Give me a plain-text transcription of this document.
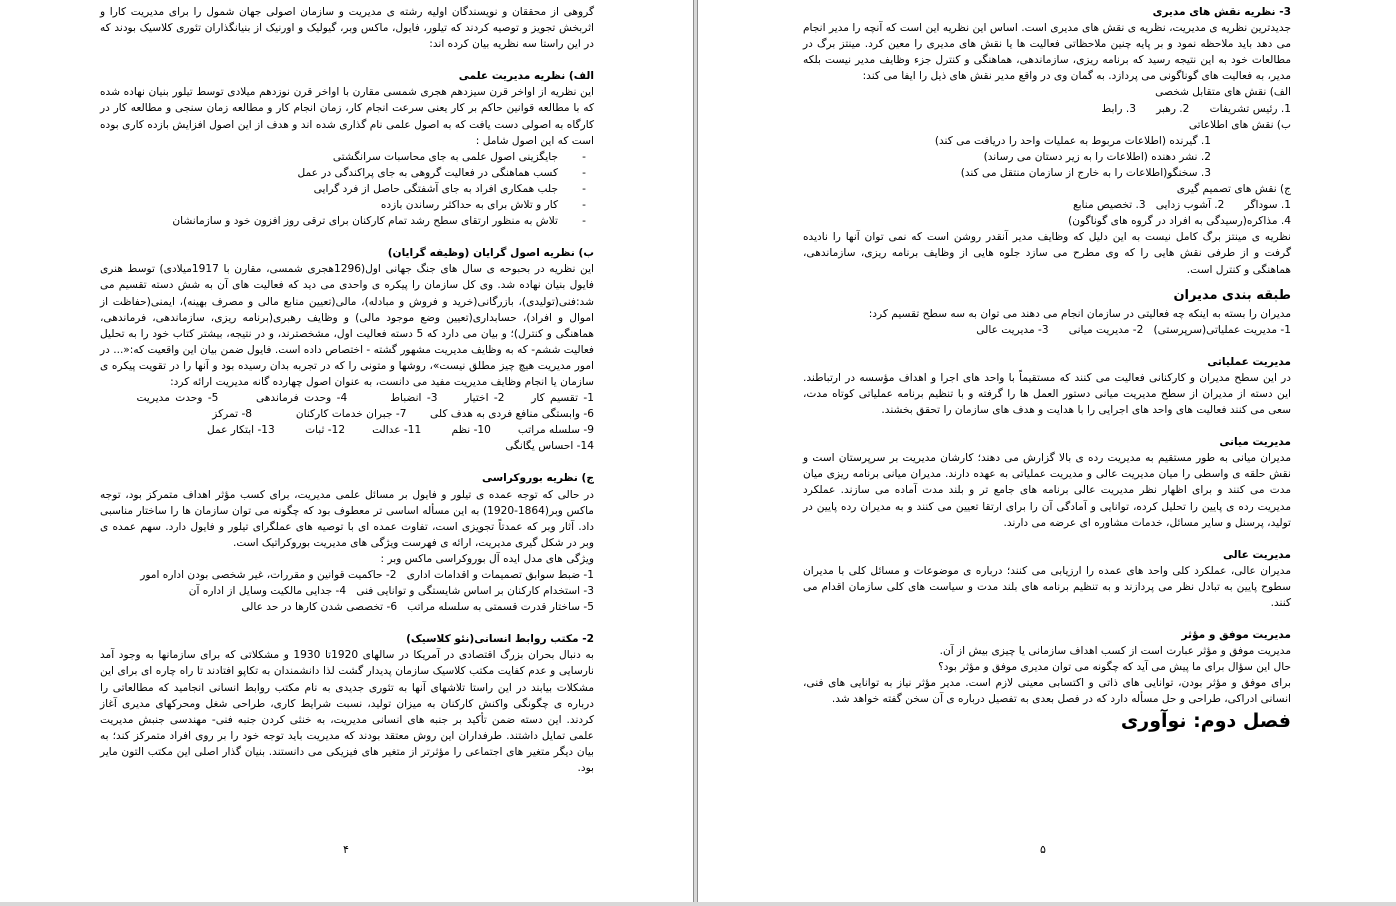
گروهی از محققان و نویسندگان اولیه رشته ی مدیریت و سازمان اصولی جهان شمول را برای مدیریت کارا و اثربخش تجویز و توصیه کردند که تیلور، فایول، ماکس وبر، گیولیک و اورنیک از بنیانگذاران تئوری کلاسیک بودند که در این راستا سه نظریه بیان کرده اند:

الف) نظریه مدیریت علمی

این نظریه از اواخر قرن سیزدهم هجری شمسی مقارن با اواخر قرن نوزدهم میلادی توسط تیلور بنیان نهاده شده که با مطالعه قوانین حاکم بر کار یعنی سرعت انجام کار، زمان انجام کار و مطالعه زمان سنجی و مطالعه کار در کارگاه به اصولی دست یافت که به اصول علمی نام گذاری شده اند و هدف از این اصول افزایش بازده کاری بوده است که این اصول شامل :

- جایگزینی اصول علمی به جای محاسبات سرانگشتی
- کسب هماهنگی در فعالیت گروهی به جای پراکندگی در عمل
- جلب همکاری افراد به جای آشفتگی حاصل از فرد گرایی
- کار و تلاش برای به حداکثر رساندن بازده
- تلاش به منظور ارتقای سطح رشد تمام کارکنان برای ترقی روز افزون خود و سازمانشان

ب) نظریه اصول گرایان (وظیفه گرایان)

این نظریه در بحبوحه ی سال های جنگ جهانی اول(1296هجری شمسی، مقارن با 1917میلادی) توسط هنری فایول بنیان نهاده شد. وی کل سازمان را پیکره ی واحدی می دید که فعالیت های آن به شش دسته تقسیم می شد:فنی(تولیدی)، بازرگانی(خرید و فروش و مبادله)، مالی(تعیین منابع مالی و مصرف بهینه)، ایمنی(حفاظت از اموال و افراد)، حسابداری(تعیین وضع موجود مالی) و وظایف رهبری(برنامه ریزی، سازماندهی، فرماندهی، هماهنگی و کنترل)؛ و بیان می دارد که 5 دسته فعالیت اول، مشخصترند، و در نتیجه، بیشتر کتاب خود را به تحلیل فعالیت ششم- که به وظایف مدیریت مشهور گشته - اختصاص داده است. فایول ضمن بیان این واقعیت که:«... در امور مدیریت هیچ چیز مطلق نیست»، روشها و متونی را که در تجربه بدان رسیده بود و آنها را در تقویت پیکره ی سازمان یا انجام وظایف مدیریت مفید می دانست، به عنوان اصول چهارده گانه مدیریت ارائه کرد:

1- تقسیم کار     2- اختیار     3- انضباط        4- وحدت فرماندهی       5- وحدت مدیریت
6- وابستگی منافع فردی به هدف کلی       7- جبران خدمات کارکنان             8- تمرکز
9- سلسله مراتب        10- نظم         11- عدالت        12- ثبات         13- ابتکار عمل
14- احساس یگانگی

ج) نظریه بوروکراسی

در حالی که توجه عمده ی تیلور و فایول بر مسائل علمی مدیریت، برای کسب مؤثر اهداف متمرکز بود، توجه ماکس وبر(1864-1920) به این مسأله اساسی تر معطوف بود که چگونه می توان سازمان ها را ساختار مناسبی داد. آثار وبر که عمدتاً تجویزی است، تفاوت عمده ای با توصیه های عملگرای تیلور و فایول دارد. سهم عمده ی وبر در شکل گیری مدیریت، ارائه ی فهرست ویژگی های مدیریت بوروکراتیک است.

ویژگی های مدل ایده آل بوروکراسی ماکس وبر :

1- ضبط سوابق تصمیمات و اقدامات اداری   2- حاکمیت قوانین و مقررات، غیر شخصی بودن اداره امور

3- استخدام کارکنان بر اساس شایستگی و توانایی فنی   4- جدایی مالکیت وسایل از اداره آن

5- ساختار قدرت قسمتی به سلسله مراتب   6- تخصصی شدن کارها در حد عالی

2- مکتب روابط انسانی(نئو کلاسیک)

به دنبال بحران بزرگ اقتصادی در آمریکا در سالهای 1920تا 1930 و مشکلاتی که برای سازمانها به وجود آمد نارسایی و عدم کفایت مکتب کلاسیک سازمان پدیدار گشت لذا دانشمندان به تکاپو افتادند تا راه چاره ای برای این مشکلات بیابند در این راستا تلاشهای آنها به تئوری جدیدی به نام مکتب روابط انسانی انجامید که مطالعاتی را درباره ی چگونگی واکنش کارکنان به میزان تولید، نسبت شرایط کاری، طراحی شغل ومحرکهای مدیری آغاز کردند. این دسته ضمن تأکید بر جنبه های انسانی مدیریت، به خنثی کردن جنبه فنی- مهندسی جنبش مدیریت علمی تمایل داشتند. طرفداران این روش معتقد بودند که مدیریت باید توجه خود را بر روی افراد متمرکز کند؛ به بیان دیگر متغیر های اجتماعی را مؤثرتر از متغیر های فیزیکی می دانستند. بنیان گذار اصلی این مکتب التون مایر بود.

۴

3- نظریه نقش های مدیری

جدیدترین نظریه ی مدیریت، نظریه ی نقش های مدیری است. اساس این نظریه این است که آنچه را مدیر انجام می دهد باید ملاحظه نمود و بر پایه چنین ملاحظاتی فعالیت ها یا نقش های مدیری را معین کرد. مینتز برگ در مطالعات خود به این نتیجه رسید که برنامه ریزی، سازماندهی، هماهنگی و کنترل جزء وظایف مدیر نیست بلکه مدیر، به فعالیت های گوناگونی می پردازد. به گمان وی در واقع مدیر نقش های ذیل را ایفا می کند:

الف) نقش های متقابل شخصی

1. رئیس تشریفات      2. رهبر      3. رابط

ب) نقش های اطلاعاتی

1. گیرنده (اطلاعات مربوط به عملیات واحد را دریافت می کند)

2. نشر دهنده (اطلاعات را به زیر دستان می رساند)

3. سخنگو(اطلاعات را به خارج از سازمان منتقل می کند)

ج) نقش های تصمیم گیری

1. سوداگر      2. آشوب زدایی   3. تخصیص منابع

4. مذاکره(رسیدگی به افراد در گروه های گوناگون)

نظریه ی مینتز برگ کامل نیست به این دلیل که وظایف مدیر آنقدر روشن است که نمی توان آنها را نادیده گرفت و از طرفی نقش هایی را که وی مطرح می سازد جلوه هایی از وظایف برنامه ریزی، سازماندهی، هماهنگی و کنترل است.

طبقه بندی مدیران

مدیران را بسته به اینکه چه فعالیتی در سازمان انجام می دهند می توان به سه سطح تقسیم کرد:

1- مدیریت عملیاتی(سرپرستی)   2- مدیریت میانی      3- مدیریت عالی

مدیریت عملیاتی

در این سطح مدیران و کارکنانی فعالیت می کنند که مستقیماً با واحد های اجرا و اهداف مؤسسه در ارتباطند. این دسته از مدیران از سطح مدیریت میانی دستور العمل ها را گرفته و با تنظیم برنامه عملیاتی کوتاه مدت، سعی می کنند فعالیت های واحد های اجرایی را با هدایت و هدف های سازمان را تحقق بخشند.

مدیریت میانی

مدیران میانی به طور مستقیم به مدیریت رده ی بالا گزارش می دهند؛ کارشان مدیریت بر سرپرستان است و نقش حلقه ی واسطی را میان مدیریت عالی و مدیریت عملیاتی به عهده دارند. مدیران میانی برنامه ریزی میان مدت می کنند و برای اظهار نظر مدیریت عالی برنامه های جامع تر و بلند مدت آماده می سازند. عملکرد مدیریت رده ی پایین را تحلیل کرده، توانایی و آمادگی آن را برای ارتقا تعیین می کنند و به مدیران رده پایین در تولید، پرسنل و سایر مسائل، خدمات مشاوره ای عرضه می دارند.

مدیریت عالی

مدیران عالی، عملکرد کلی واحد های عمده را ارزیابی می کنند؛ درباره ی موضوعات و مسائل کلی با مدیران سطوح پایین به تبادل نظر می پردازند و به تنظیم برنامه های بلند مدت و سیاست های کلی سازمان اقدام می کنند.

مدیریت موفق و مؤثر

مدیریت موفق و مؤثر عبارت است از کسب اهداف سازمانی یا چیزی بیش از آن.

حال این سؤال برای ما پیش می آید که چگونه می توان مدیری موفق و مؤثر بود؟

برای موفق و مؤثر بودن، توانایی های ذاتی و اکتسابی معینی لازم است. مدیر مؤثر نیاز به توانایی های فنی، انسانی ادراکی، طراحی و حل مسأله دارد که در فصل بعدی به تفصیل درباره ی آن سخن گفته خواهد شد.

فصل دوم: نوآوری

۵
